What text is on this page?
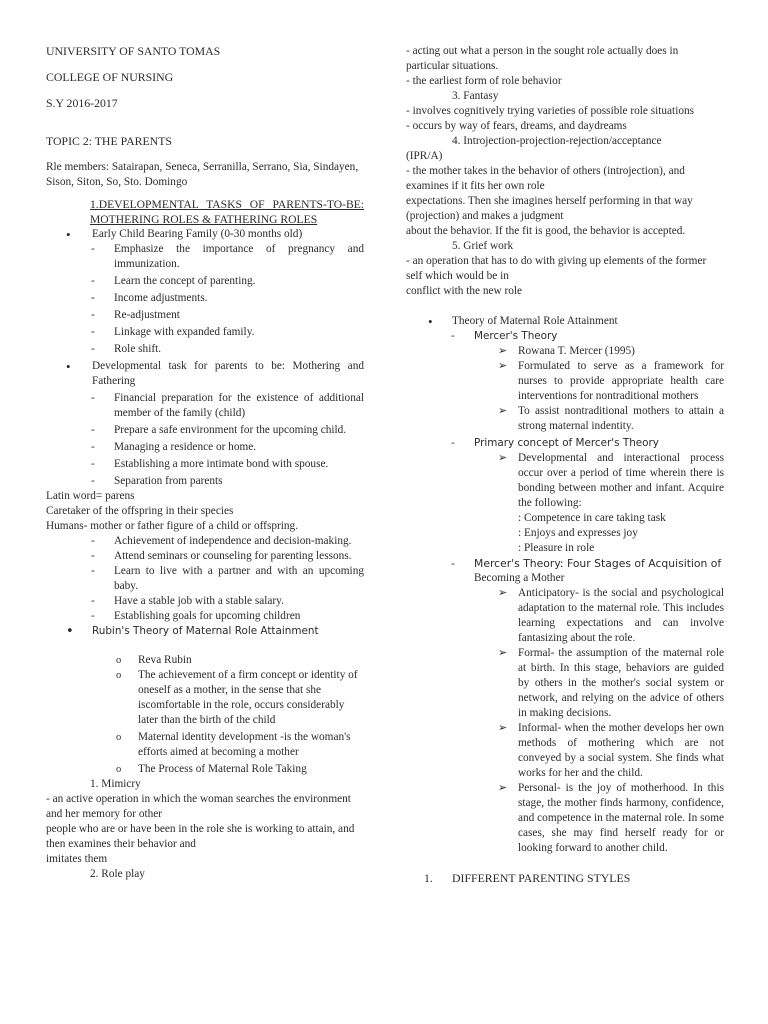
UNIVERSITY OF SANTO TOMAS

COLLEGE OF NURSING

S.Y 2016-2017

TOPIC 2: THE PARENTS

Rle members: Satairapan, Seneca, Serranilla, Serrano, Sia, Sindayen, Sison, Siton, So, Sto. Domingo

1.DEVELOPMENTAL TASKS OF PARENTS-TO-BE: MOTHERING ROLES & FATHERING ROLES

• Early Child Bearing Family (0-30 months old)

- Emphasize the importance of pregnancy and immunization.

- Learn the concept of parenting.

- Income adjustments.

- Re-adjustment

- Linkage with expanded family.

- Role shift.

• Developmental task for parents to be: Mothering and Fathering

- Financial preparation for the existence of additional member of the family (child)

- Prepare a safe environment for the upcoming child.

- Managing a residence or home.

- Establishing a more intimate bond with spouse.

- Separation from parents

Latin word= parens

Caretaker of the offspring in their species

Humans- mother or father figure of a child or offspring.

- Achievement of independence and decision-making.

- Attend seminars or counseling for parenting lessons.

- Learn to live with a partner and with an upcoming baby.

- Have a stable job with a stable salary.

- Establishing goals for upcoming children

• Rubin's Theory of Maternal Role Attainment

o Reva Rubin

o The achievement of a firm concept or identity of oneself as a mother, in the sense that she iscomfortable in the role, occurs considerably later than the birth of the child

o Maternal identity development -is the woman's efforts aimed at becoming a mother

o The Process of Maternal Role Taking

1. Mimicry

- an active operation in which the woman searches the environment and her memory for other

people who are or have been in the role she is working to attain, and then examines their behavior and

imitates them

2. Role play

- acting out what a person in the sought role actually does in particular situations.

- the earliest form of role behavior

3. Fantasy

- involves cognitively trying varieties of possible role situations

- occurs by way of fears, dreams, and daydreams

4. Introjection-projection-rejection/acceptance

(IPR/A)

- the mother takes in the behavior of others (introjection), and examines if it fits her own role

expectations. Then she imagines herself performing in that way (projection) and makes a judgment

about the behavior. If the fit is good, the behavior is accepted.

5. Grief work

- an operation that has to do with giving up elements of the former self which would be in

conflict with the new role

• Theory of Maternal Role Attainment

- Mercer's Theory

➢ Rowana T. Mercer (1995)

➢ Formulated to serve as a framework for nurses to provide appropriate health care interventions for nontraditional mothers

➢ To assist nontraditional mothers to attain a strong maternal indentity.

- Primary concept of Mercer's Theory

➢ Developmental and interactional process occur over a period of time wherein there is bonding between mother and infant. Acquire the following:

: Competence in care taking task

: Enjoys and expresses joy

: Pleasure in role

- Mercer's Theory: Four Stages of Acquisition of

Becoming a Mother

➢ Anticipatory- is the social and psychological adaptation to the maternal role. This includes learning expectations and can involve fantasizing about the role.

➢ Formal- the assumption of the maternal role at birth. In this stage, behaviors are guided by others in the mother's social system or network, and relying on the advice of others in making decisions.

➢ Informal- when the mother develops her own methods of mothering which are not conveyed by a social system. She finds what works for her and the child.

➢ Personal- is the joy of motherhood. In this stage, the mother finds harmony, confidence, and competence in the maternal role. In some cases, she may find herself ready for or looking forward to another child.

1. DIFFERENT PARENTING STYLES
